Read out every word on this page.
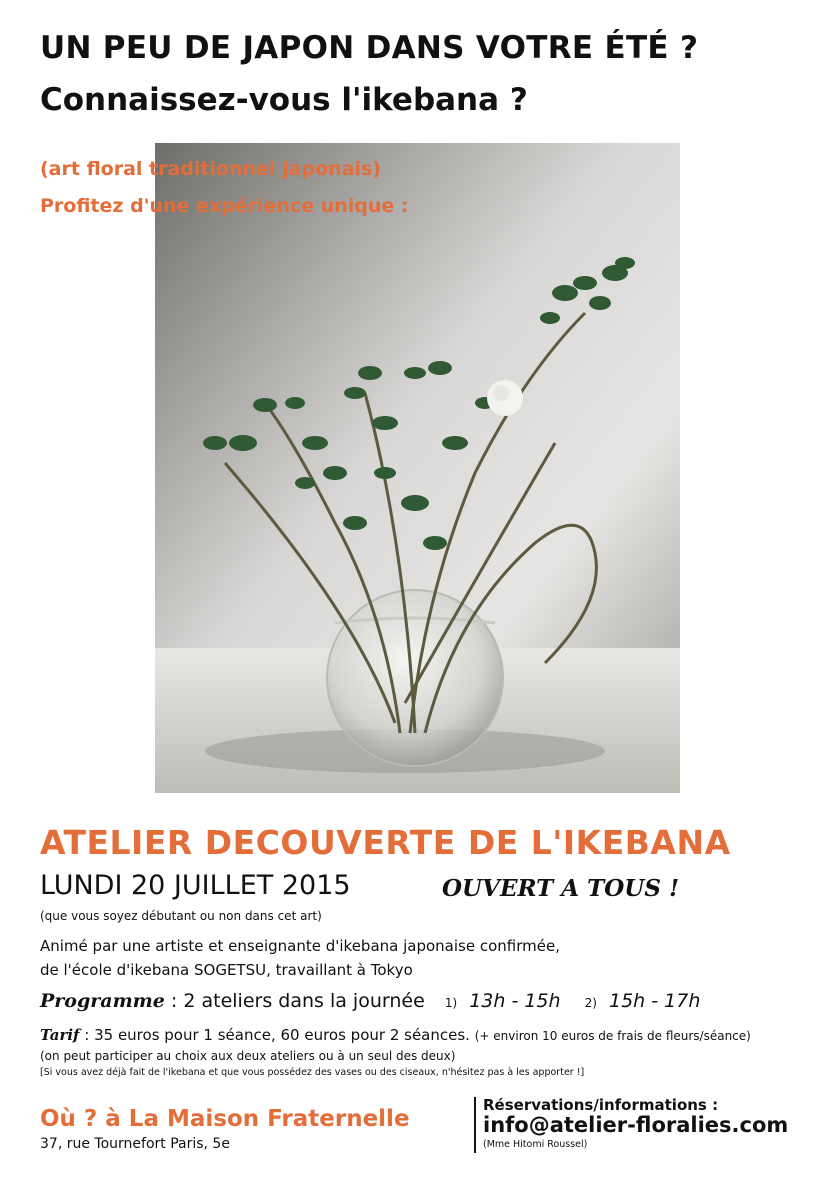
UN PEU DE JAPON DANS VOTRE ÉTÉ ?
Connaissez-vous l'ikebana ?
(art floral traditionnel japonais)
Profitez d'une expérience unique :
ATELIER DECOUVERTE DE L'IKEBANA
LUNDI 20 JUILLET 2015	OUVERT A TOUS !
(que vous soyez débutant ou non dans cet art)
Animé par une artiste et enseignante d'ikebana japonaise confirmée,
de l'école d'ikebana SOGETSU, travaillant à Tokyo
Programme : 2 ateliers dans la journée 1) 13h - 15h 2) 15h - 17h
Tarif : 35 euros pour 1 séance, 60 euros pour 2 séances. (+ environ 10 euros de frais de fleurs/séance)
(on peut participer au choix aux deux ateliers ou à un seul des deux)
[Si vous avez déjà fait de l'ikebana et que vous possédez des vases ou des ciseaux, n'hésitez pas à les apporter !]
Où ? à La Maison Fraternelle
37, rue Tournefort Paris, 5e
Réservations/informations :
info@atelier-floralies.com
(Mme Hitomi Roussel)
